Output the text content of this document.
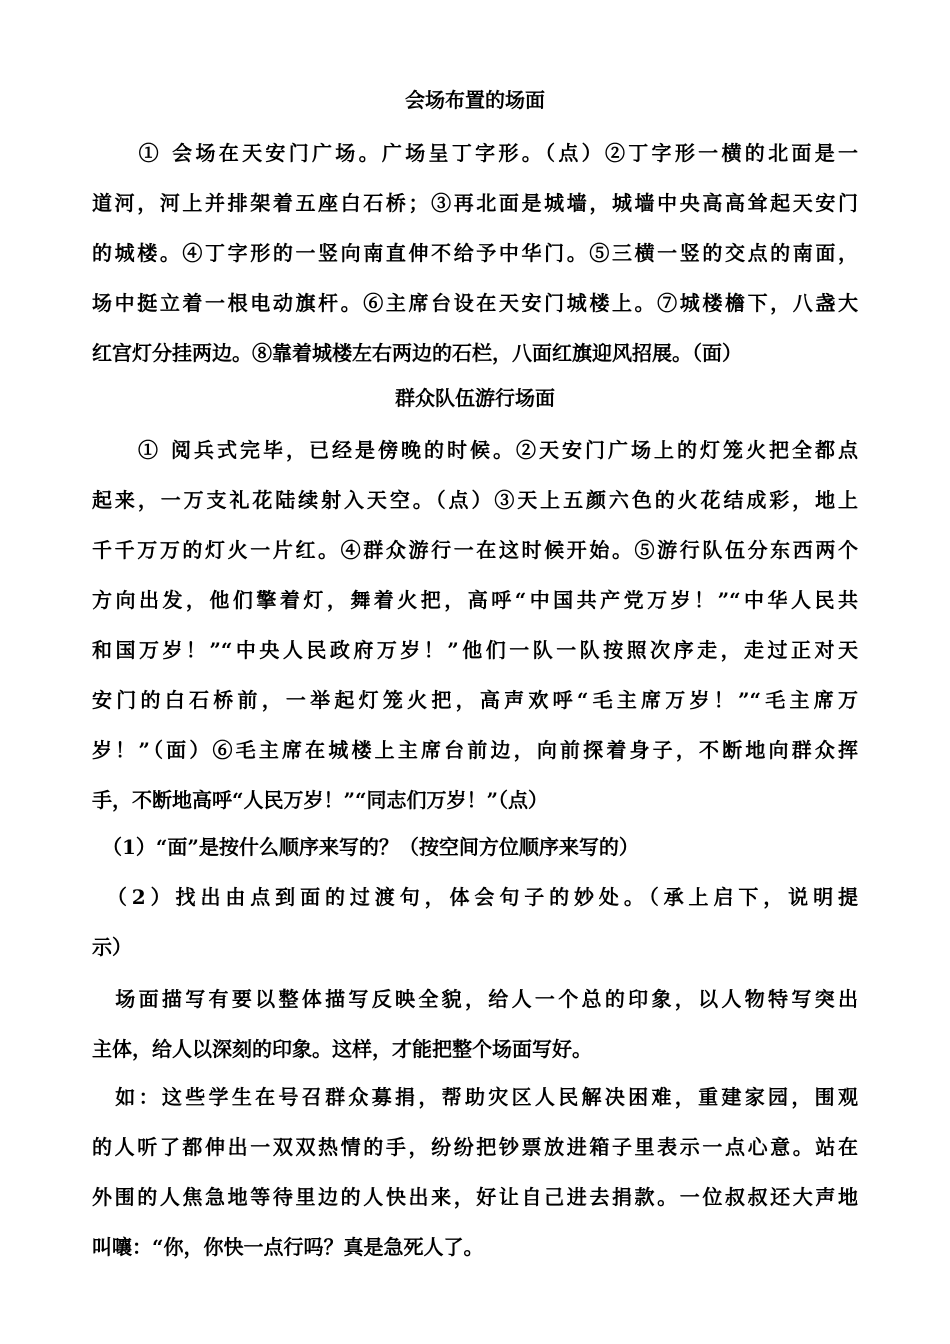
会场布置的场面
　　① 会场在天安门广场。广场呈丁字形。（点）②丁字形一横的北面是一
道河，河上并排架着五座白石桥；③再北面是城墙，城墙中央高高耸起天安门
的城楼。④丁字形的一竖向南直伸不给予中华门。⑤三横一竖的交点的南面，
场中挺立着一根电动旗杆。⑥主席台设在天安门城楼上。⑦城楼檐下，八盏大
红宫灯分挂两边。⑧靠着城楼左右两边的石栏，八面红旗迎风招展。（面）
群众队伍游行场面
　　① 阅兵式完毕，已经是傍晚的时候。②天安门广场上的灯笼火把全都点
起来，一万支礼花陆续射入天空。（点）③天上五颜六色的火花结成彩，地上
千千万万的灯火一片红。④群众游行一在这时候开始。⑤游行队伍分东西两个
方向出发，他们擎着灯，舞着火把，高呼“中国共产党万岁！”“中华人民共
和国万岁！”“中央人民政府万岁！”他们一队一队按照次序走，走过正对天
安门的白石桥前，一举起灯笼火把，高声欢呼“毛主席万岁！”“毛主席万
岁！”（面）⑥毛主席在城楼上主席台前边，向前探着身子，不断地向群众挥
手，不断地高呼“人民万岁！”“同志们万岁！”（点）
　（1）“面”是按什么顺序来写的？（按空间方位顺序来写的）
　（2）找出由点到面的过渡句，体会句子的妙处。（承上启下，说明提
示）
　场面描写有要以整体描写反映全貌，给人一个总的印象，以人物特写突出
主体，给人以深刻的印象。这样，才能把整个场面写好。
　如：这些学生在号召群众募捐，帮助灾区人民解决困难，重建家园，围观
的人听了都伸出一双双热情的手，纷纷把钞票放进箱子里表示一点心意。站在
外围的人焦急地等待里边的人快出来，好让自己进去捐款。一位叔叔还大声地
叫嚷：“你，你快一点行吗？真是急死人了。
